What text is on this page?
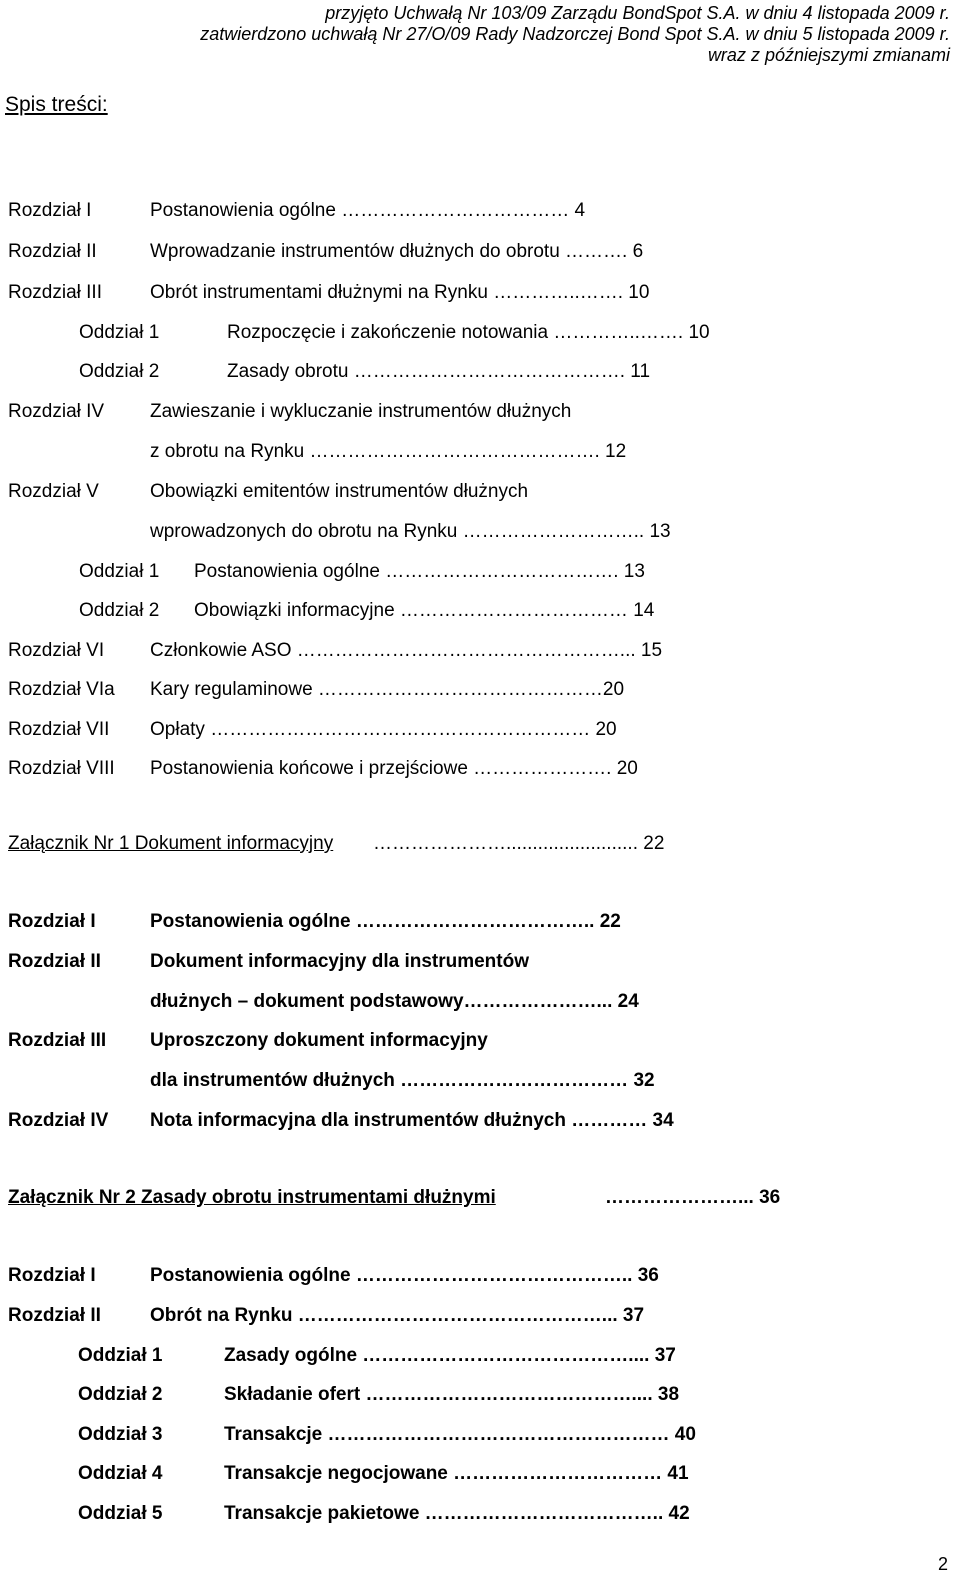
przyjęto Uchwałą Nr 103/09 Zarządu BondSpot S.A. w dniu 4 listopada 2009 r.
zatwierdzono uchwałą Nr 27/O/09 Rady Nadzorczej Bond Spot S.A. w dniu 5 listopada 2009 r.
wraz z późniejszymi zmianami
Spis treści:
Rozdział I	Postanowienia ogólne ……………………………… 4
Rozdział II	Wprowadzanie instrumentów dłużnych do obrotu ………. 6
Rozdział III	Obrót instrumentami dłużnymi na Rynku …………..……. 10
Oddział 1	Rozpoczęcie i zakończenie notowania …………..……. 10
Oddział 2	Zasady obrotu ……………………………………. 11
Rozdział IV Zawieszanie i wykluczanie instrumentów dłużnych
z obrotu na Rynku ………………………………………. 12
Rozdział V	Obowiązki emitentów instrumentów dłużnych
wprowadzonych do obrotu na Rynku ……………………….. 13
Oddział 1 Postanowienia ogólne ………………………………. 13
Oddział 2 Obowiązki informacyjne ……………………………… 14
Rozdział VI Członkowie ASO ……………………………………………... 15
Rozdział VIa Kary regulaminowe ………………………………………20
Rozdział VII Opłaty …………………………………………………… 20
Rozdział VIII Postanowienia końcowe i przejściowe …………………. 20
Załącznik Nr 1 Dokument informacyjny …………………......................... 22
Rozdział I	Postanowienia ogólne ……………………………….. 22
Rozdział II	Dokument informacyjny dla instrumentów
dłużnych – dokument podstawowy…………………... 24
Rozdział III Uproszczony dokument informacyjny
dla instrumentów dłużnych ……………………………… 32
Rozdział IV Nota informacyjna dla instrumentów dłużnych ………… 34
Załącznik Nr 2 Zasady obrotu instrumentami dłużnymi	…………………... 36
Rozdział I	Postanowienia ogólne …………………………………….. 36
Rozdział II	Obrót na Rynku …………………………………………... 37
Oddział 1	Zasady ogólne …………………………………….... 37
Oddział 2	Składanie ofert …………………………………….... 38
Oddział 3	Transakcje ……………………………………………… 40
Oddział 4	Transakcje negocjowane …………………………… 41
Oddział 5	Transakcje pakietowe ……………………………….. 42
2
